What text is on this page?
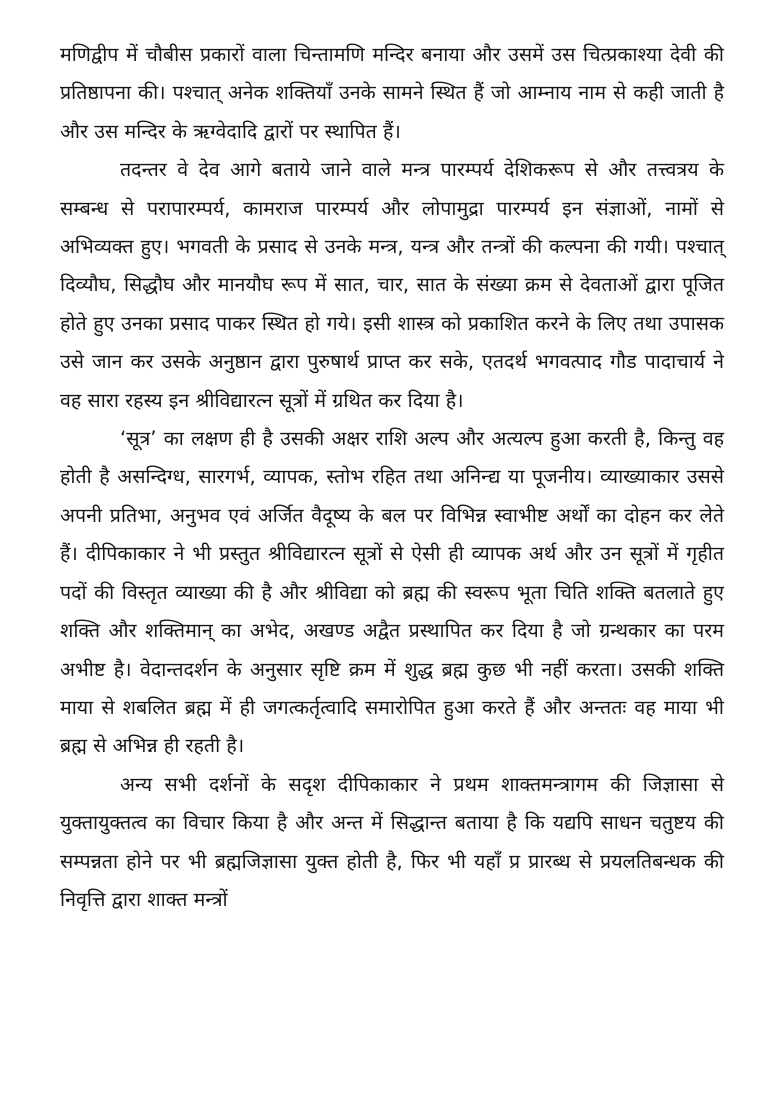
मणिद्वीप में चौबीस प्रकारों वाला चिन्तामणि मन्दिर बनाया और उसमें उस चित्प्रकाश्या देवी की प्रतिष्ठापना की। पश्चात् अनेक शक्तियाँ उनके सामने स्थित हैं जो आम्नाय नाम से कही जाती है और उस मन्दिर के ऋग्वेदादि द्वारों पर स्थापित हैं।

तदन्तर वे देव आगे बताये जाने वाले मन्त्र पारम्पर्य देशिकरूप से और तत्त्वत्रय के सम्बन्ध से परापारम्पर्य, कामराज पारम्पर्य और लोपामुद्रा पारम्पर्य इन संज्ञाओं, नामों से अभिव्यक्त हुए। भगवती के प्रसाद से उनके मन्त्र, यन्त्र और तन्त्रों की कल्पना की गयी। पश्चात् दिव्यौघ, सिद्धौघ और मानयौघ रूप में सात, चार, सात के संख्या क्रम से देवताओं द्वारा पूजित होते हुए उनका प्रसाद पाकर स्थित हो गये। इसी शास्त्र को प्रकाशित करने के लिए तथा उपासक उसे जान कर उसके अनुष्ठान द्वारा पुरुषार्थ प्राप्त कर सके, एतदर्थ भगवत्पाद गौड पादाचार्य ने वह सारा रहस्य इन श्रीविद्यारत्न सूत्रों में ग्रथित कर दिया है।

‘सूत्र’ का लक्षण ही है उसकी अक्षर राशि अल्प और अत्यल्प हुआ करती है, किन्तु वह होती है असन्दिग्ध, सारगर्भ, व्यापक, स्तोभ रहित तथा अनिन्द्य या पूजनीय। व्याख्याकार उससे अपनी प्रतिभा, अनुभव एवं अर्जित वैदूष्य के बल पर विभिन्न स्वाभीष्ट अर्थों का दोहन कर लेते हैं। दीपिकाकार ने भी प्रस्तुत श्रीविद्यारत्न सूत्रों से ऐसी ही व्यापक अर्थ और उन सूत्रों में गृहीत पदों की विस्तृत व्याख्या की है और श्रीविद्या को ब्रह्म की स्वरूप भूता चिति शक्ति बतलाते हुए शक्ति और शक्तिमान् का अभेद, अखण्ड अद्वैत प्रस्थापित कर दिया है जो ग्रन्थकार का परम अभीष्ट है। वेदान्तदर्शन के अनुसार सृष्टि क्रम में शुद्ध ब्रह्म कुछ भी नहीं करता। उसकी शक्ति माया से शबलित ब्रह्म में ही जगत्कर्तृत्वादि समारोपित हुआ करते हैं और अन्ततः वह माया भी ब्रह्म से अभिन्न ही रहती है।

अन्य सभी दर्शनों के सदृश दीपिकाकार ने प्रथम शाक्तमन्त्रागम की जिज्ञासा से युक्तायुक्तत्व का विचार किया है और अन्त में सिद्धान्त बताया है कि यद्यपि साधन चतुष्टय की सम्पन्नता होने पर भी ब्रह्मजिज्ञासा युक्त होती है, फिर भी यहाँ प्र प्रारब्ध से प्रयलतिबन्धक की निवृत्ति द्वारा शाक्त मन्त्रों
